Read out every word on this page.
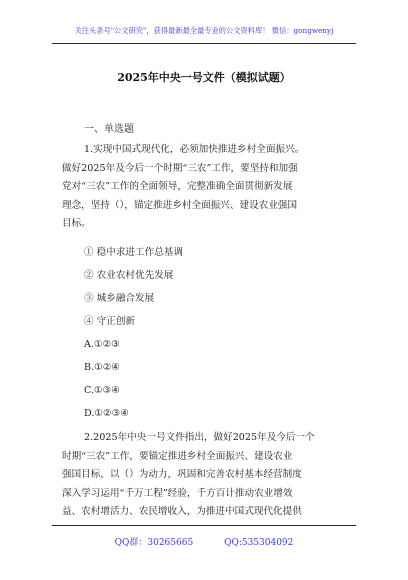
关注头条号"公文研究"，获得最新最全最专业的公文资料库！ 微信：gongwenyj
2025年中央一号文件（模拟试题）
一、单选题
1.实现中国式现代化，必须加快推进乡村全面振兴。
做好2025年及今后一个时期“三农”工作，要坚持和加强
党对“三农”工作的全面领导，完整准确全面贯彻新发展
理念，坚持（），锚定推进乡村全面振兴、建设农业强国
目标。
① 稳中求进工作总基调
② 农业农村优先发展
③ 城乡融合发展
④ 守正创新
A.①②③
B.①②④
C.①③④
D.①②③④
2.2025年中央一号文件指出，做好2025年及今后一个
时期“三农”工作，要锚定推进乡村全面振兴、建设农业
强国目标，以（）为动力，巩固和完善农村基本经营制度
深入学习运用“千万工程”经验，千方百计推动农业增效
益、农村增活力、农民增收入，为推进中国式现代化提供
QQ群：30265665	QQ:535304092
